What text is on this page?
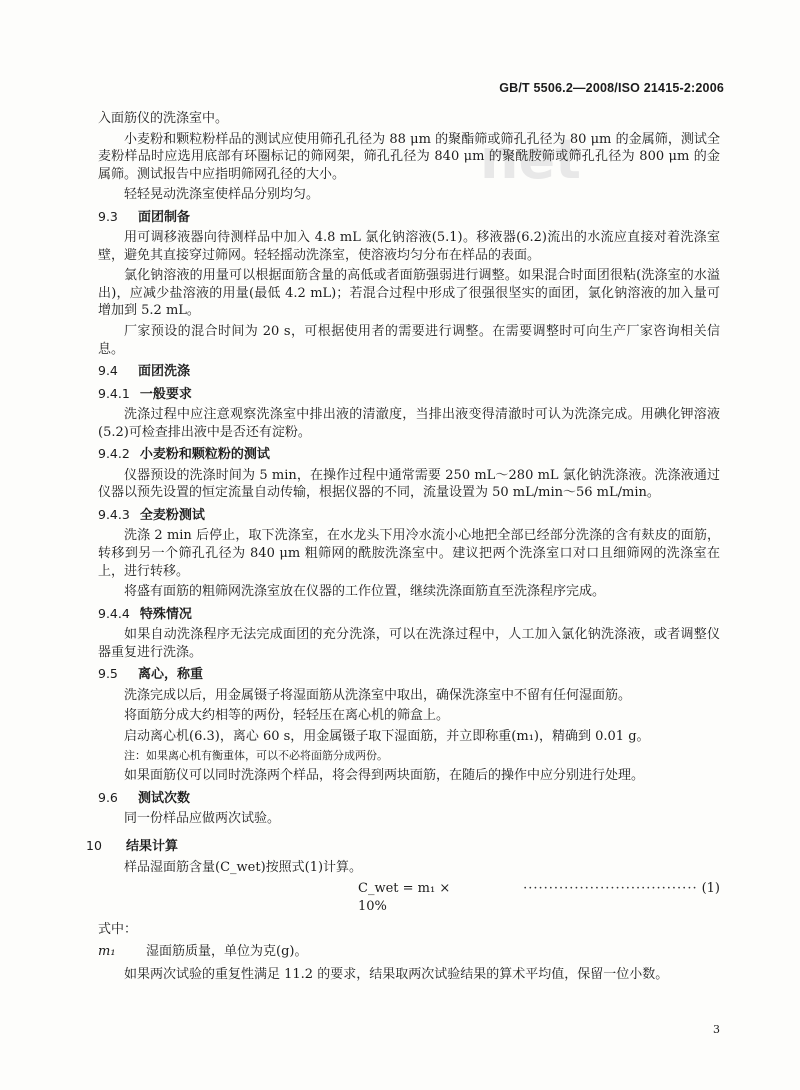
net
GB/T 5506.2—2008/ISO 21415-2:2006

入面筋仪的洗涤室中。

小麦粉和颗粒粉样品的测试应使用筛孔孔径为 88 μm 的聚酯筛或筛孔孔径为 80 μm 的金属筛，测试全麦粉样品时应选用底部有环圈标记的筛网架，筛孔孔径为 840 μm 的聚酰胺筛或筛孔孔径为 800 μm 的金属筛。测试报告中应指明筛网孔径的大小。

轻轻晃动洗涤室使样品分别均匀。

9.3	面团制备

用可调移液器向待测样品中加入 4.8 mL 氯化钠溶液(5.1)。移液器(6.2)流出的水流应直接对着洗涤室壁，避免其直接穿过筛网。轻轻摇动洗涤室，使溶液均匀分布在样品的表面。

氯化钠溶液的用量可以根据面筋含量的高低或者面筋强弱进行调整。如果混合时面团很粘(洗涤室的水溢出)，应减少盐溶液的用量(最低 4.2 mL)；若混合过程中形成了很强很坚实的面团，氯化钠溶液的加入量可增加到 5.2 mL。

厂家预设的混合时间为 20 s，可根据使用者的需要进行调整。在需要调整时可向生产厂家咨询相关信息。

9.4	面团洗涤
9.4.1 一般要求

洗涤过程中应注意观察洗涤室中排出液的清澈度，当排出液变得清澈时可认为洗涤完成。用碘化钾溶液(5.2)可检查排出液中是否还有淀粉。

9.4.2 小麦粉和颗粒粉的测试

仪器预设的洗涤时间为 5 min，在操作过程中通常需要 250 mL～280 mL 氯化钠洗涤液。洗涤液通过仪器以预先设置的恒定流量自动传输，根据仪器的不同，流量设置为 50 mL/min～56 mL/min。

9.4.3 全麦粉测试

洗涤 2 min 后停止，取下洗涤室，在水龙头下用冷水流小心地把全部已经部分洗涤的含有麸皮的面筋，转移到另一个筛孔孔径为 840 μm 粗筛网的酰胺洗涤室中。建议把两个洗涤室口对口且细筛网的洗涤室在上，进行转移。

将盛有面筋的粗筛网洗涤室放在仪器的工作位置，继续洗涤面筋直至洗涤程序完成。

9.4.4 特殊情况

如果自动洗涤程序无法完成面团的充分洗涤，可以在洗涤过程中，人工加入氯化钠洗涤液，或者调整仪器重复进行洗涤。

9.5	离心，称重

洗涤完成以后，用金属镊子将湿面筋从洗涤室中取出，确保洗涤室中不留有任何湿面筋。

将面筋分成大约相等的两份，轻轻压在离心机的筛盒上。

启动离心机(6.3)，离心 60 s，用金属镊子取下湿面筋，并立即称重(m₁)，精确到 0.01 g。

注：如果离心机有衡重体，可以不必将面筋分成两份。

如果面筋仪可以同时洗涤两个样品，将会得到两块面筋，在随后的操作中应分别进行处理。

9.6	测试次数

同一份样品应做两次试验。

10	结果计算

样品湿面筋含量(C_wet)按照式(1)计算。

C_wet = m₁ × 10%
·································· (1)

式中：

m₁	湿面筋质量，单位为克(g)。

如果两次试验的重复性满足 11.2 的要求，结果取两次试验结果的算术平均值，保留一位小数。

3
